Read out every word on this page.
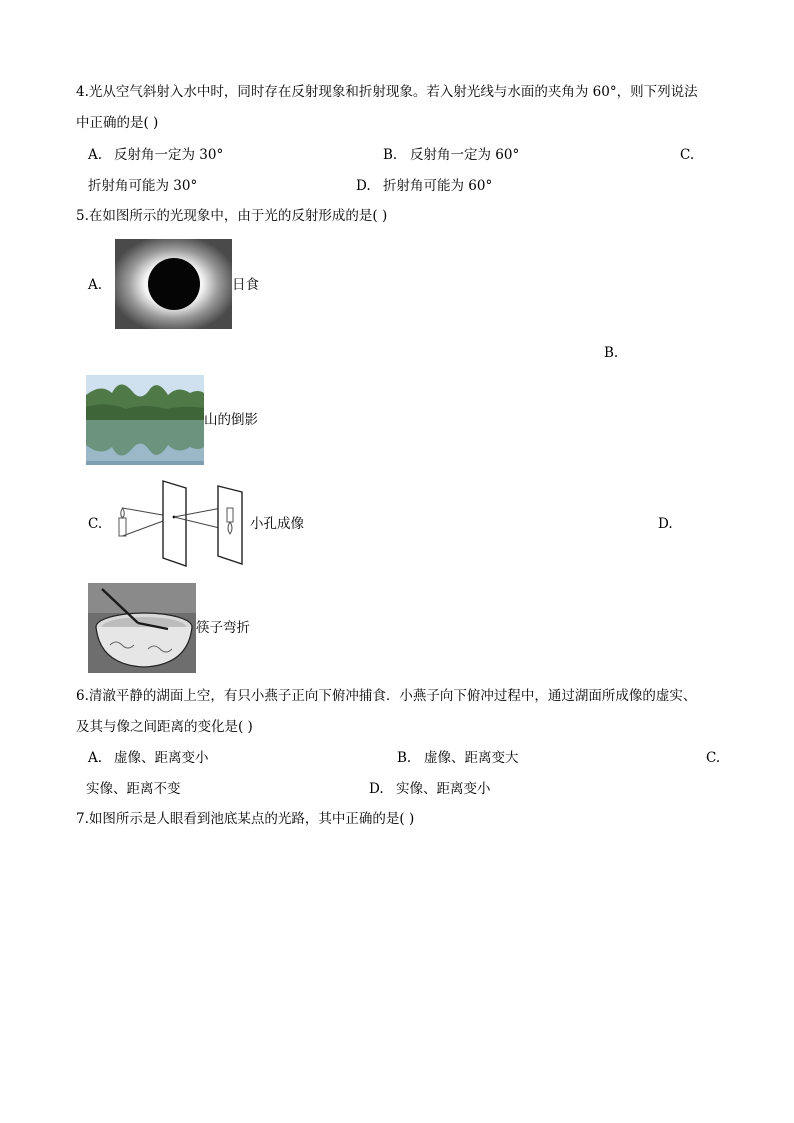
4.光从空气斜射入水中时，同时存在反射现象和折射现象。若入射光线与水面的夹角为 60°，则下列说法
中正确的是( )
A. 反射角一定为 30°	B. 反射角一定为 60°	C.
折射角可能为 30°	D. 折射角可能为 60°
5.在如图所示的光现象中，由于光的反射形成的是( )
A.	日食
B.
山的倒影
C.	小孔成像	D.
筷子弯折
6.清澈平静的湖面上空，有只小燕子正向下俯冲捕食．小燕子向下俯冲过程中，通过湖面所成像的虚实、
及其与像之间距离的变化是( )
A. 虚像、距离变小	B. 虚像、距离变大	C.
实像、距离不变	D. 实像、距离变小
7.如图所示是人眼看到池底某点的光路，其中正确的是( )
